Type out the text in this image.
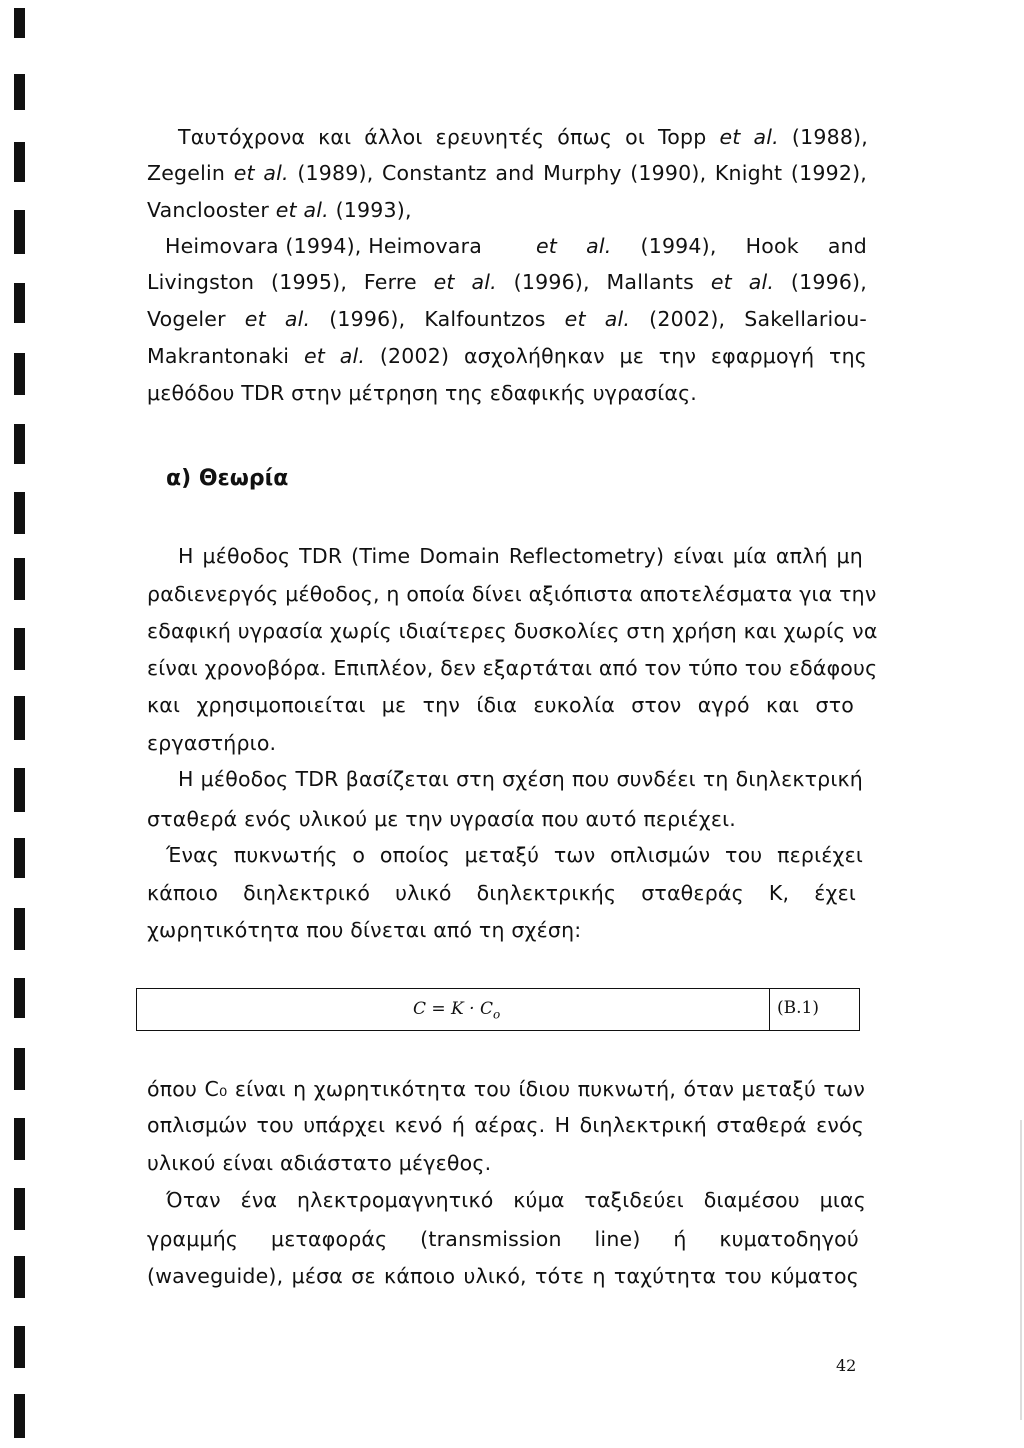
Ταυτόχρονα και άλλοι ερευνητές όπως οι Topp et al. (1988),
Zegelin et al. (1989), Constantz and Murphy (1990), Knight (1992),
Vanclooster et al. (1993),
Heimovara (1994), Heimovara	et al. (1994), Hook and
Livingston (1995), Ferre et al. (1996), Mallants et al. (1996),
Vogeler et al. (1996), Kalfountzos et al. (2002), Sakellariou-
Makrantonaki et al. (2002) ασχολήθηκαν με την εφαρμογή της
μεθόδου TDR στην μέτρηση της εδαφικής υγρασίας.
α) Θεωρία
Η μέθοδος TDR (Time Domain Reflectometry) είναι μία απλή μη
ραδιενεργός μέθοδος, η οποία δίνει αξιόπιστα αποτελέσματα για την
εδαφική υγρασία χωρίς ιδιαίτερες δυσκολίες στη χρήση και χωρίς να
είναι χρονοβόρα. Επιπλέον, δεν εξαρτάται από τον τύπο του εδάφους
και χρησιμοποιείται με την ίδια ευκολία στον αγρό και στο
εργαστήριο.
Η μέθοδος TDR βασίζεται στη σχέση που συνδέει τη διηλεκτρική
σταθερά ενός υλικού με την υγρασία που αυτό περιέχει.
Ένας πυκνωτής ο οποίος μεταξύ των οπλισμών του περιέχει
κάποιο διηλεκτρικό υλικό διηλεκτρικής σταθεράς Κ, έχει
χωρητικότητα που δίνεται από τη σχέση:
$C = K \cdot C_o$	(B.1)
όπου C₀ είναι η χωρητικότητα του ίδιου πυκνωτή, όταν μεταξύ των
οπλισμών του υπάρχει κενό ή αέρας. Η διηλεκτρική σταθερά ενός
υλικού είναι αδιάστατο μέγεθος.
Όταν ένα ηλεκτρομαγνητικό κύμα ταξιδεύει διαμέσου μιας
γραμμής μεταφοράς (transmission line) ή κυματοδηγού
(waveguide), μέσα σε κάποιο υλικό, τότε η ταχύτητα του κύματος
42
